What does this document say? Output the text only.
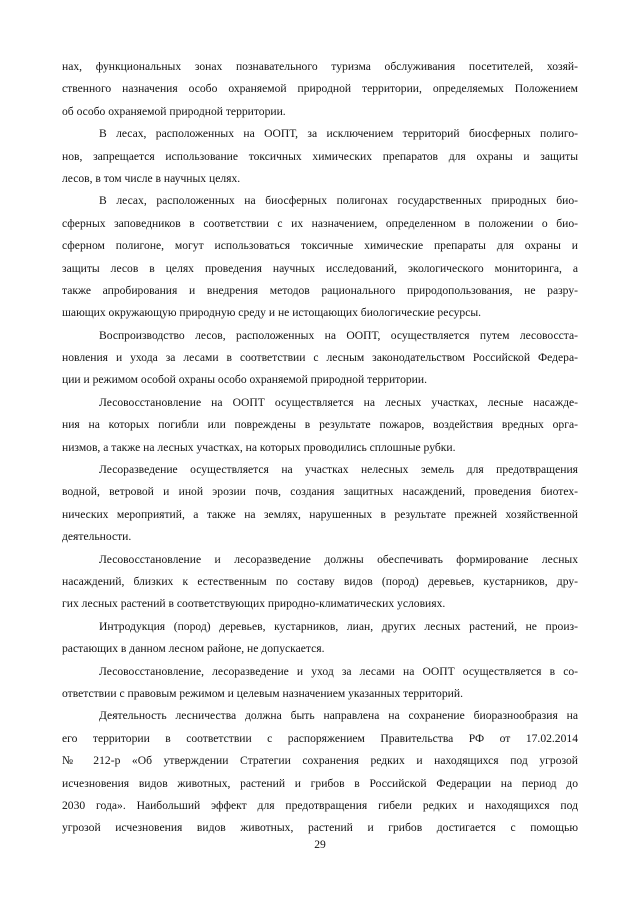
нах, функциональных зонах познавательного туризма обслуживания посетителей, хозяй-
ственного назначения особо охраняемой природной территории, определяемых Положением
об особо охраняемой природной территории.
В лесах, расположенных на ООПТ, за исключением территорий биосферных полиго-
нов, запрещается использование токсичных химических препаратов для охраны и защиты
лесов, в том числе в научных целях.
В лесах, расположенных на биосферных полигонах государственных природных био-
сферных заповедников в соответствии с их назначением, определенном в положении о био-
сферном полигоне, могут использоваться токсичные химические препараты для охраны и
защиты лесов в целях проведения научных исследований, экологического мониторинга, а
также апробирования и внедрения методов рационального природопользования, не разру-
шающих окружающую природную среду и не истощающих биологические ресурсы.
Воспроизводство лесов, расположенных на ООПТ, осуществляется путем лесовосста-
новления и ухода за лесами в соответствии с лесным законодательством Российской Федера-
ции и режимом особой охраны особо охраняемой природной территории.
Лесовосстановление на ООПТ осуществляется на лесных участках, лесные насажде-
ния на которых погибли или повреждены в результате пожаров, воздействия вредных орга-
низмов, а также на лесных участках, на которых проводились сплошные рубки.
Лесоразведение осуществляется на участках нелесных земель для предотвращения
водной, ветровой и иной эрозии почв, создания защитных насаждений, проведения биотех-
нических мероприятий, а также на землях, нарушенных в результате прежней хозяйственной
деятельности.
Лесовосстановление и лесоразведение должны обеспечивать формирование лесных
насаждений, близких к естественным по составу видов (пород) деревьев, кустарников, дру-
гих лесных растений в соответствующих природно-климатических условиях.
Интродукция (пород) деревьев, кустарников, лиан, других лесных растений, не произ-
растающих в данном лесном районе, не допускается.
Лесовосстановление, лесоразведение и уход за лесами на ООПТ осуществляется в со-
ответствии с правовым режимом и целевым назначением указанных территорий.
Деятельность лесничества должна быть направлена на сохранение биоразнообразия на
его территории в соответствии с распоряжением Правительства РФ от 17.02.2014
№ 212-р «Об утверждении Стратегии сохранения редких и находящихся под угрозой
исчезновения видов животных, растений и грибов в Российской Федерации на период до
2030 года». Наибольший эффект для предотвращения гибели редких и находящихся под
угрозой исчезновения видов животных, растений и грибов достигается с помощью
29
